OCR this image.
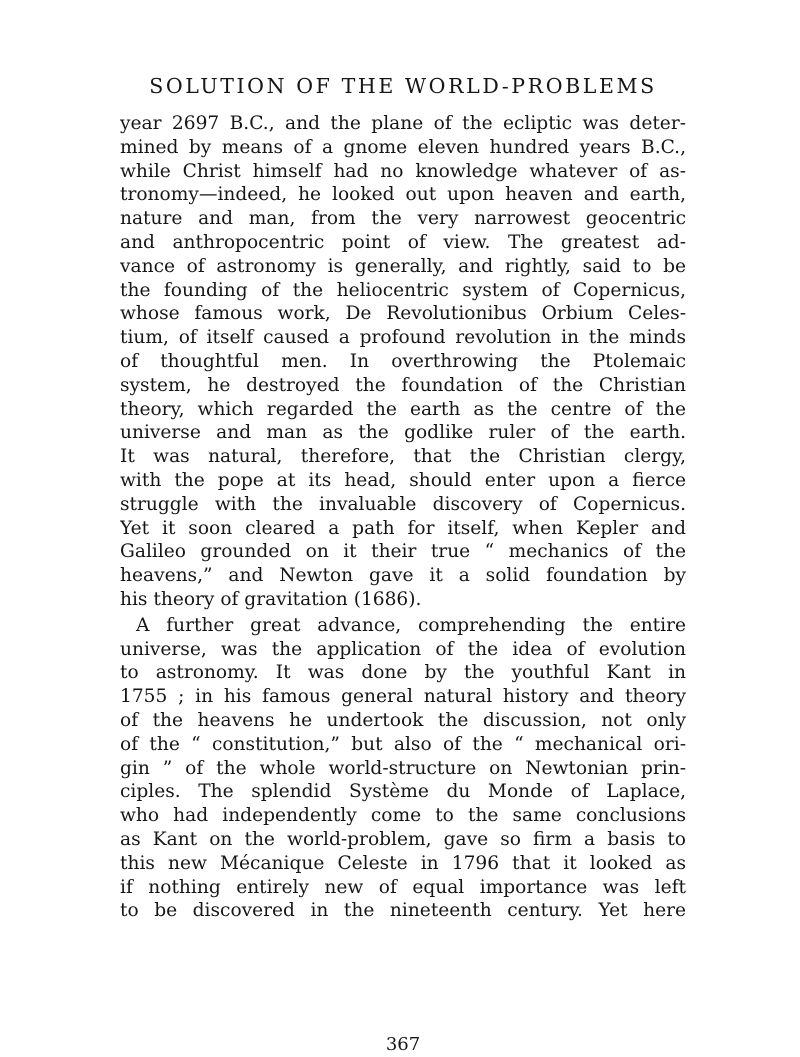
SOLUTION OF THE WORLD-PROBLEMS
year 2697 B.C., and the plane of the ecliptic was deter-
mined by means of a gnome eleven hundred years B.C.,
while Christ himself had no knowledge whatever of as-
tronomy—indeed, he looked out upon heaven and earth,
nature and man, from the very narrowest geocentric
and anthropocentric point of view. The greatest ad-
vance of astronomy is generally, and rightly, said to be
the founding of the heliocentric system of Copernicus,
whose famous work, De Revolutionibus Orbium Celes-
tium, of itself caused a profound revolution in the minds
of thoughtful men. In overthrowing the Ptolemaic
system, he destroyed the foundation of the Christian
theory, which regarded the earth as the centre of the
universe and man as the godlike ruler of the earth.
It was natural, therefore, that the Christian clergy,
with the pope at its head, should enter upon a fierce
struggle with the invaluable discovery of Copernicus.
Yet it soon cleared a path for itself, when Kepler and
Galileo grounded on it their true “ mechanics of the
heavens,” and Newton gave it a solid foundation by
his theory of gravitation (1686).
A further great advance, comprehending the entire
universe, was the application of the idea of evolution
to astronomy. It was done by the youthful Kant in
1755 ; in his famous general natural history and theory
of the heavens he undertook the discussion, not only
of the “ constitution,” but also of the “ mechanical ori-
gin ” of the whole world-structure on Newtonian prin-
ciples. The splendid Système du Monde of Laplace,
who had independently come to the same conclusions
as Kant on the world-problem, gave so firm a basis to
this new Mécanique Celeste in 1796 that it looked as
if nothing entirely new of equal importance was left
to be discovered in the nineteenth century. Yet here
367
